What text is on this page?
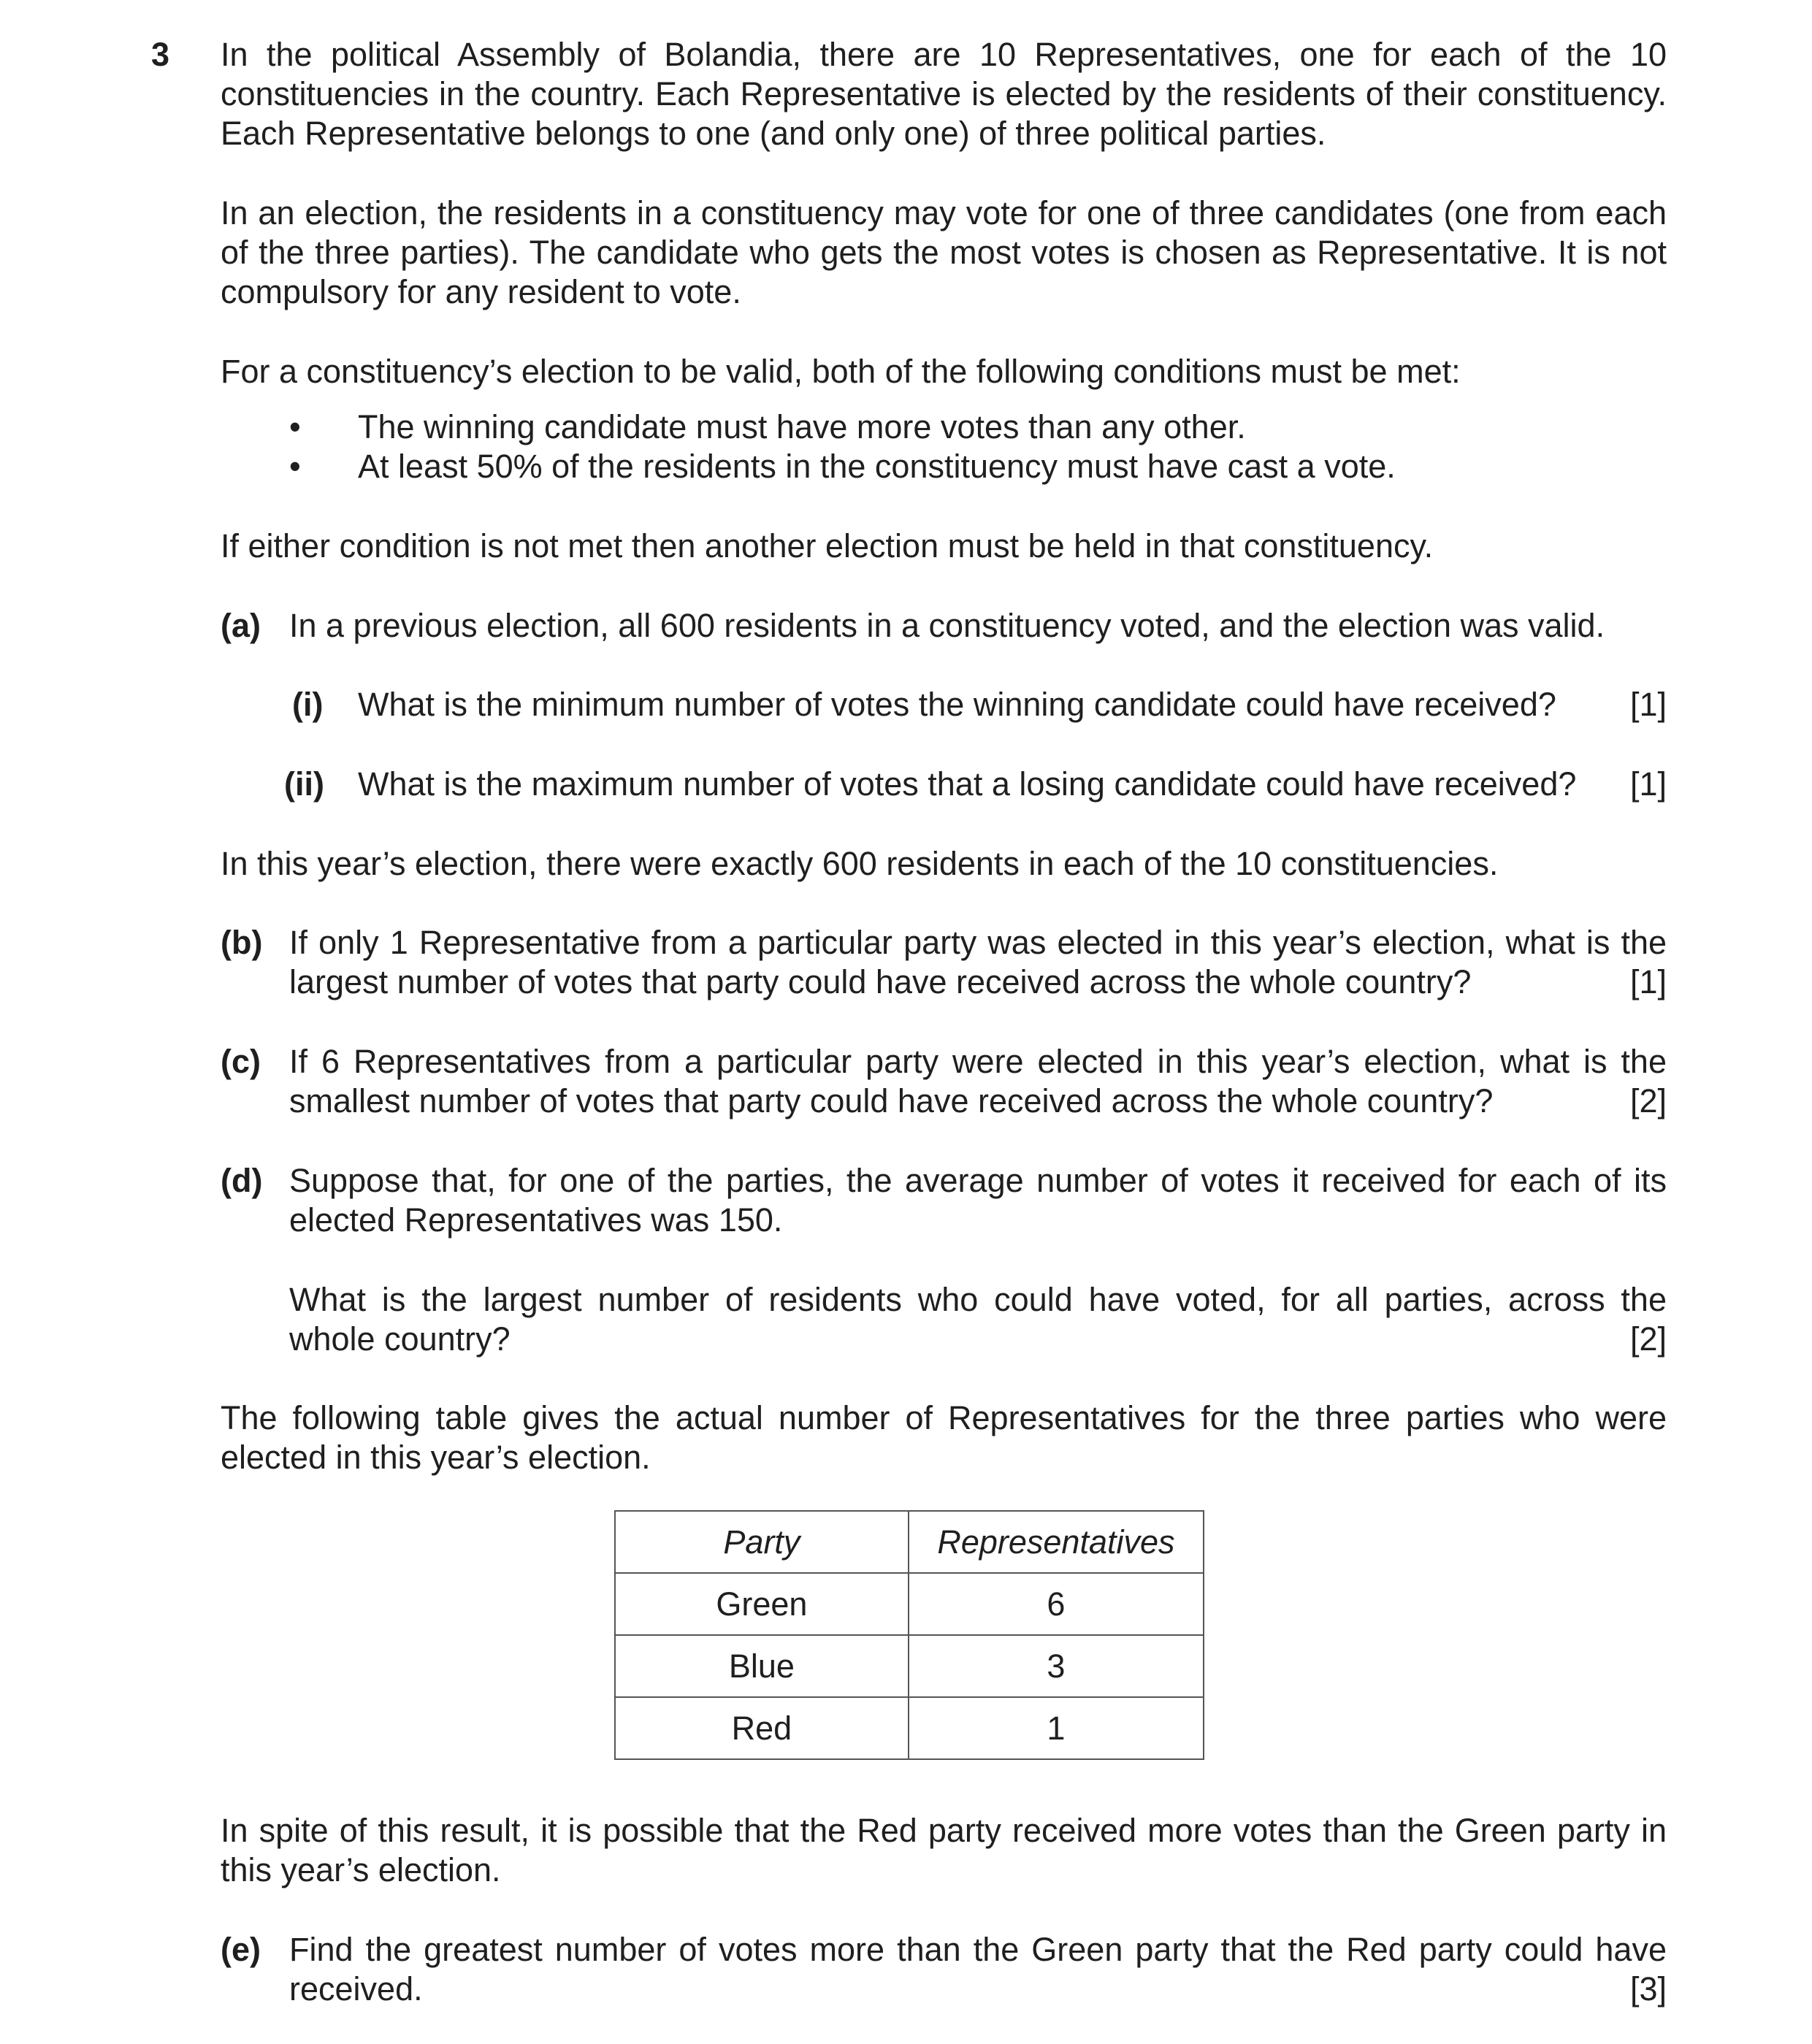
3 In the political Assembly of Bolandia, there are 10 Representatives, one for each of the 10
constituencies in the country. Each Representative is elected by the residents of their constituency.
Each Representative belongs to one (and only one) of three political parties.
In an election, the residents in a constituency may vote for one of three candidates (one from each
of the three parties). The candidate who gets the most votes is chosen as Representative. It is not
compulsory for any resident to vote.
For a constituency’s election to be valid, both of the following conditions must be met:
• The winning candidate must have more votes than any other.
• At least 50% of the residents in the constituency must have cast a vote.
If either condition is not met then another election must be held in that constituency.
(a) In a previous election, all 600 residents in a constituency voted, and the election was valid.
(i) What is the minimum number of votes the winning candidate could have received? [1]
(ii) What is the maximum number of votes that a losing candidate could have received? [1]
In this year’s election, there were exactly 600 residents in each of the 10 constituencies.
(b) If only 1 Representative from a particular party was elected in this year’s election, what is the
largest number of votes that party could have received across the whole country?	[1]
(c) If 6 Representatives from a particular party were elected in this year’s election, what is the
smallest number of votes that party could have received across the whole country?	[2]
(d) Suppose that, for one of the parties, the average number of votes it received for each of its
elected Representatives was 150.
What is the largest number of residents who could have voted, for all parties, across the
whole country?	[2]
The following table gives the actual number of Representatives for the three parties who were
elected in this year’s election.
Party	Representatives
Green	6
Blue	3
Red	1
In spite of this result, it is possible that the Red party received more votes than the Green party in
this year’s election.
(e) Find the greatest number of votes more than the Green party that the Red party could have
received.	[3]
